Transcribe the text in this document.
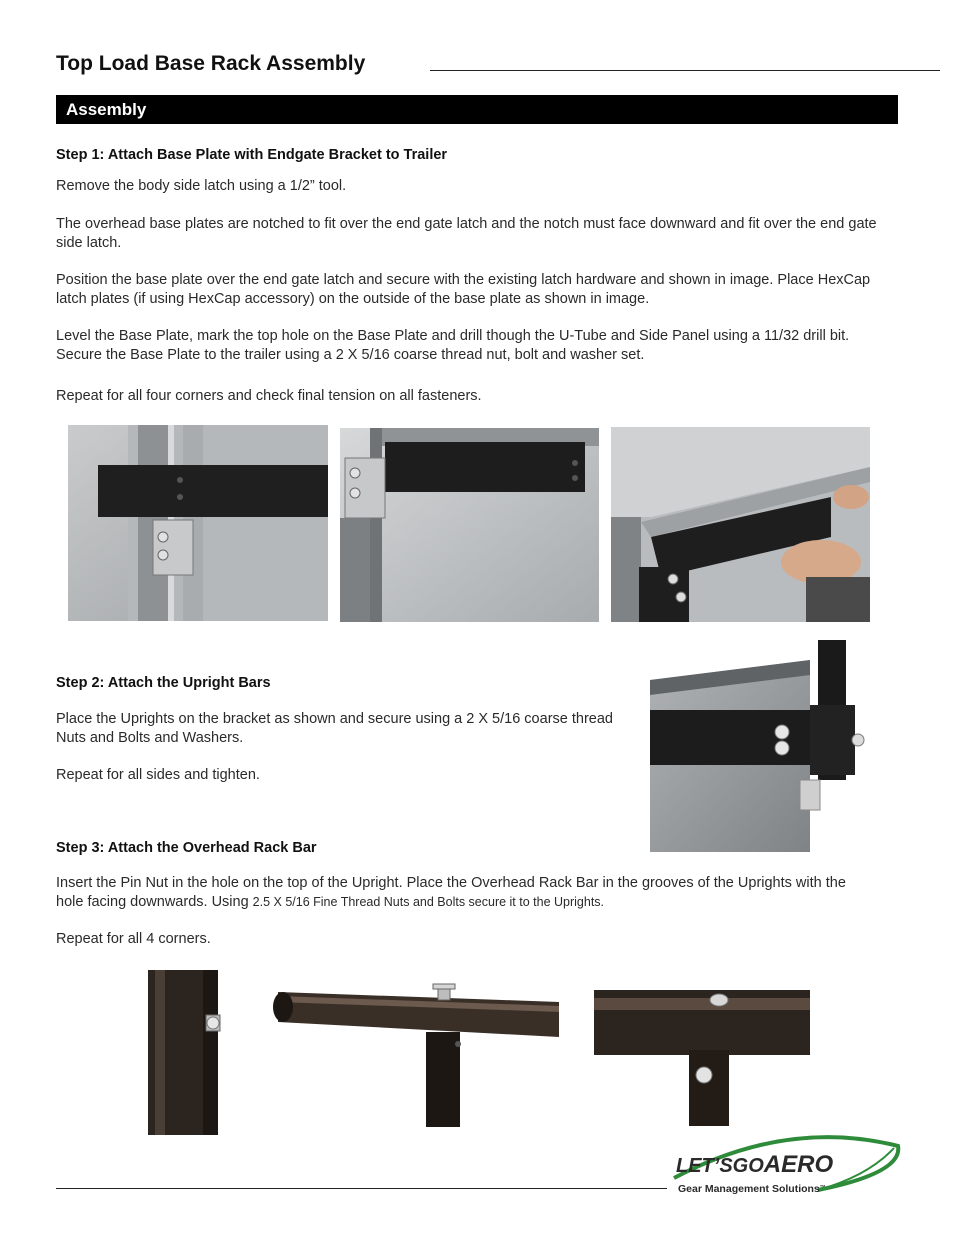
Top Load Base Rack Assembly
Assembly
Step 1: Attach Base Plate with Endgate Bracket to Trailer
Remove the body side latch using a 1/2” tool.
The overhead base plates are notched to fit over the end gate latch and the notch must face downward and fit over the end gate side latch.
Position the base plate over the end gate latch and secure with the existing latch hardware and shown in image. Place HexCap latch plates (if using HexCap accessory) on the outside of the base plate as shown in image.
Level the Base Plate, mark the top hole on the Base Plate and drill though the U-Tube and Side Panel using a 11/32 drill bit. Secure the Base Plate to the trailer using a 2 X 5/16 coarse thread nut, bolt and washer set.
Repeat for all four corners and check final tension on all fasteners.
Step 2: Attach the Upright Bars
Place the Uprights on the bracket as shown and secure using a 2 X 5/16 coarse thread Nuts and Bolts and Washers.
Repeat for all sides and tighten.
Step 3: Attach the Overhead Rack Bar
Insert the Pin Nut in the hole on the top of the Upright. Place the Overhead Rack Bar in the grooves of the Uprights with the hole facing downwards. Using 2.5 X 5/16 Fine Thread Nuts and Bolts secure it to the Uprights.
Repeat for all 4 corners.
LET’SGOAERO
Gear Management Solutions™
